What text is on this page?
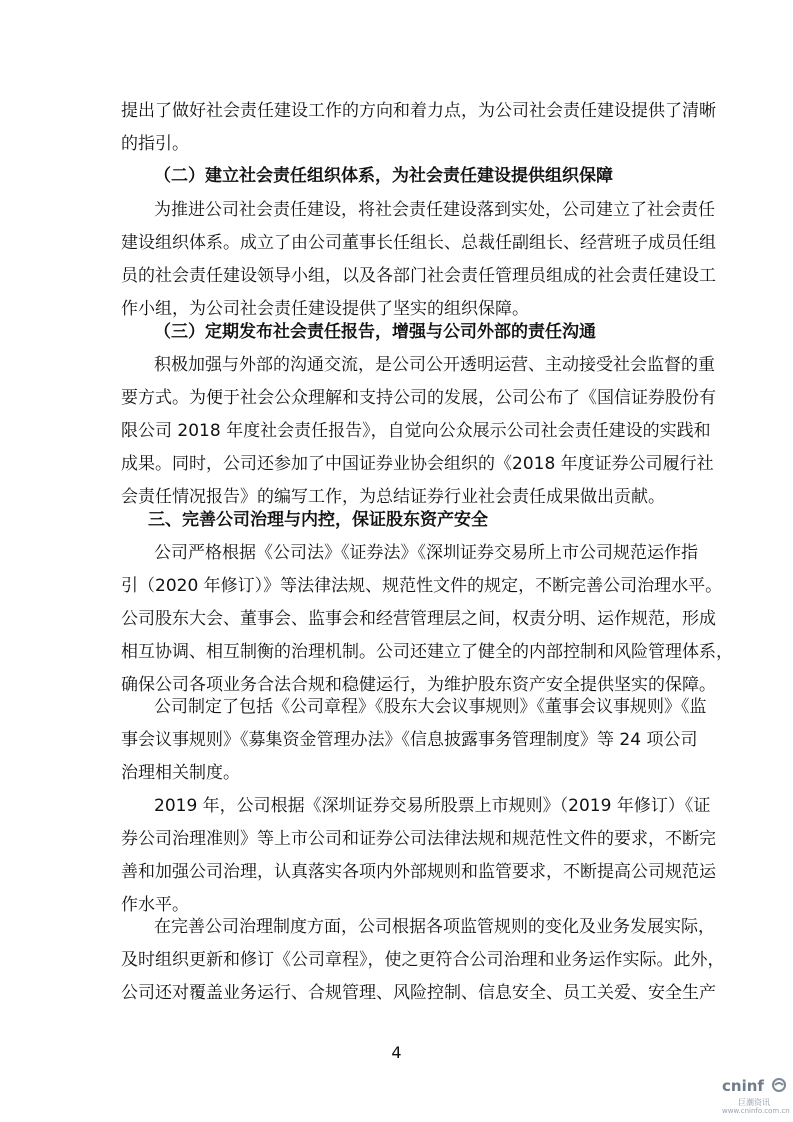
提出了做好社会责任建设工作的方向和着力点，为公司社会责任建设提供了清晰
的指引。
（二）建立社会责任组织体系，为社会责任建设提供组织保障
为推进公司社会责任建设，将社会责任建设落到实处，公司建立了社会责任
建设组织体系。成立了由公司董事长任组长、总裁任副组长、经营班子成员任组
员的社会责任建设领导小组，以及各部门社会责任管理员组成的社会责任建设工
作小组，为公司社会责任建设提供了坚实的组织保障。
（三）定期发布社会责任报告，增强与公司外部的责任沟通
积极加强与外部的沟通交流，是公司公开透明运营、主动接受社会监督的重
要方式。为便于社会公众理解和支持公司的发展，公司公布了《国信证券股份有
限公司 2018 年度社会责任报告》，自觉向公众展示公司社会责任建设的实践和
成果。同时，公司还参加了中国证券业协会组织的《2018 年度证券公司履行社
会责任情况报告》的编写工作，为总结证券行业社会责任成果做出贡献。
三、完善公司治理与内控，保证股东资产安全
公司严格根据《公司法》《证券法》《深圳证券交易所上市公司规范运作指
引（2020 年修订）》等法律法规、规范性文件的规定，不断完善公司治理水平。
公司股东大会、董事会、监事会和经营管理层之间，权责分明、运作规范，形成
相互协调、相互制衡的治理机制。公司还建立了健全的内部控制和风险管理体系，
确保公司各项业务合法合规和稳健运行，为维护股东资产安全提供坚实的保障。
公司制定了包括《公司章程》《股东大会议事规则》《董事会议事规则》《监
事会议事规则》《募集资金管理办法》《信息披露事务管理制度》等 24 项公司
治理相关制度。
2019 年，公司根据《深圳证券交易所股票上市规则》（2019 年修订）《证
券公司治理准则》等上市公司和证券公司法律法规和规范性文件的要求，不断完
善和加强公司治理，认真落实各项内外部规则和监管要求，不断提高公司规范运
作水平。
在完善公司治理制度方面，公司根据各项监管规则的变化及业务发展实际，
及时组织更新和修订《公司章程》，使之更符合公司治理和业务运作实际。此外，
公司还对覆盖业务运行、合规管理、风险控制、信息安全、员工关爱、安全生产
4
cninf
巨潮资讯
www.cninfo.com.cn
